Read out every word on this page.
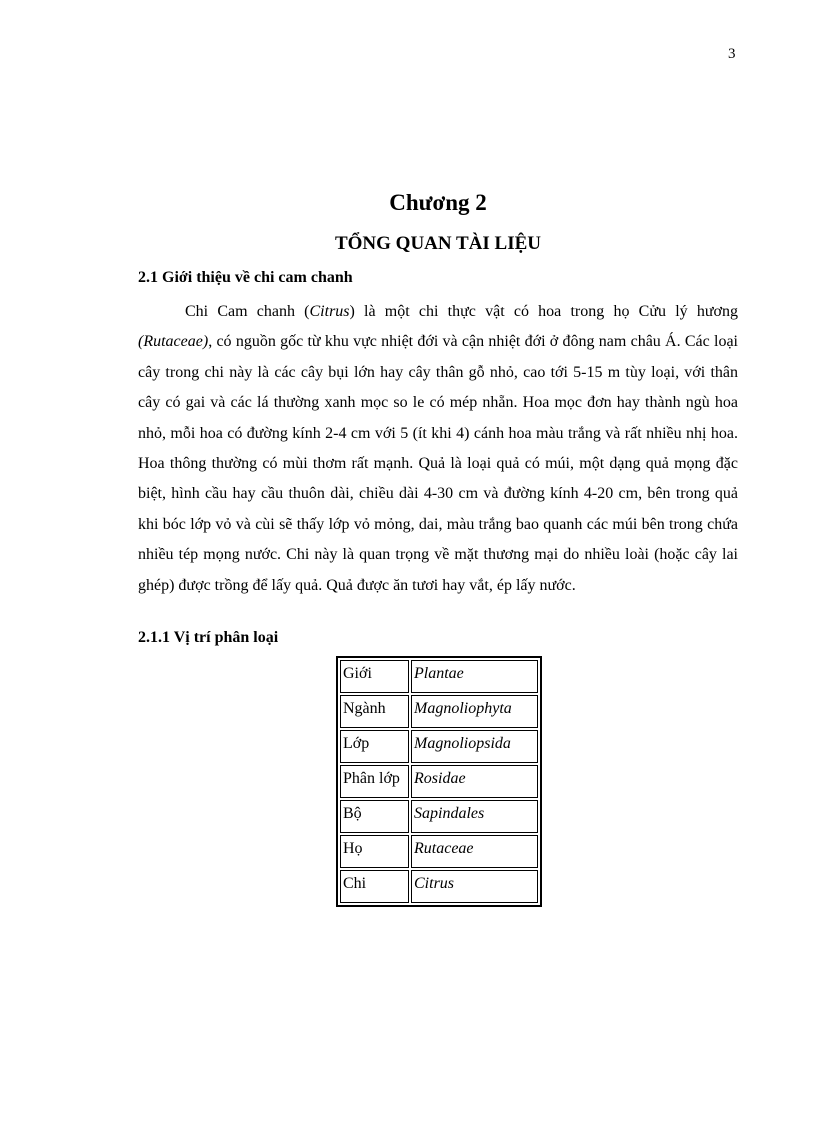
3
Chương 2
TỔNG QUAN TÀI LIỆU
2.1 Giới thiệu về chi cam chanh

Chi Cam chanh (Citrus) là một chi thực vật có hoa trong họ Cửu lý hương (Rutaceae), có nguồn gốc từ khu vực nhiệt đới và cận nhiệt đới ở đông nam châu Á. Các loại cây trong chi này là các cây bụi lớn hay cây thân gỗ nhỏ, cao tới 5-15 m tùy loại, với thân cây có gai và các lá thường xanh mọc so le có mép nhẵn. Hoa mọc đơn hay thành ngù hoa nhỏ, mỗi hoa có đường kính 2-4 cm với 5 (ít khi 4) cánh hoa màu trắng và rất nhiều nhị hoa. Hoa thông thường có mùi thơm rất mạnh. Quả là loại quả có múi, một dạng quả mọng đặc biệt, hình cầu hay cầu thuôn dài, chiều dài 4-30 cm và đường kính 4-20 cm, bên trong quả khi bóc lớp vỏ và cùi sẽ thấy lớp vỏ mỏng, dai, màu trắng bao quanh các múi bên trong chứa nhiều tép mọng nước. Chi này là quan trọng về mặt thương mại do nhiều loài (hoặc cây lai ghép) được trồng để lấy quả. Quả được ăn tươi hay vắt, ép lấy nước.

2.1.1 Vị trí phân loại
Giới	Plantae
Ngành	Magnoliophyta
Lớp	Magnoliopsida
Phân lớp	Rosidae
Bộ	Sapindales
Họ	Rutaceae
Chi	Citrus
